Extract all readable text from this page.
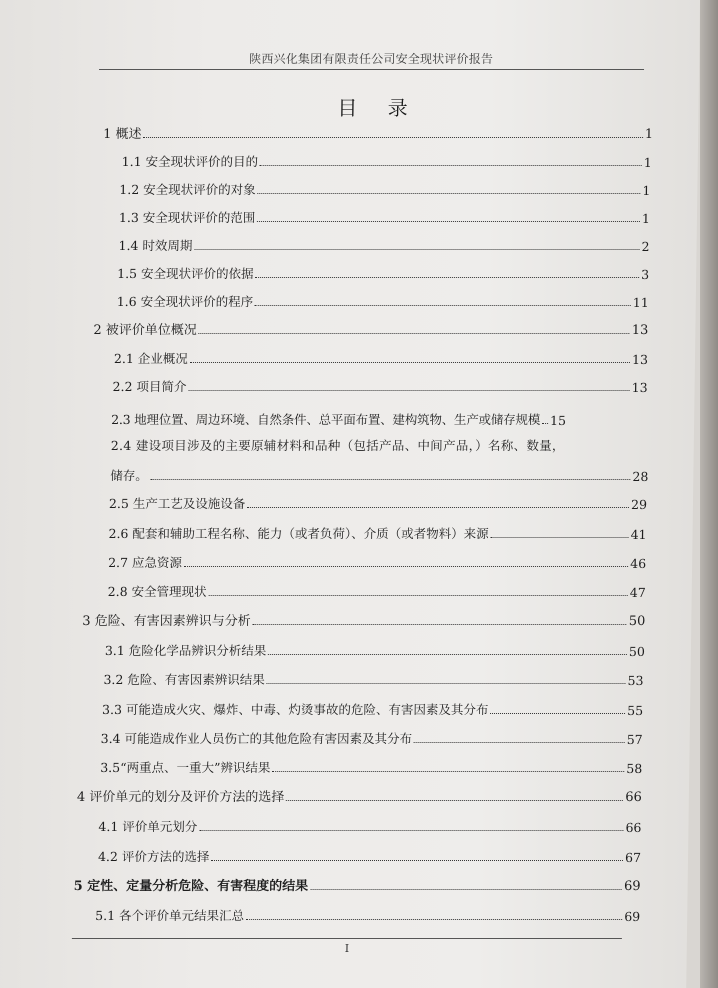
陕西兴化集团有限责任公司安全现状评价报告
目 录
1 概述	1
1.1 安全现状评价的目的	1
1.2 安全现状评价的对象	1
1.3 安全现状评价的范围	1
1.4 时效周期	2
1.5 安全现状评价的依据	3
1.6 安全现状评价的程序	11
2 被评价单位概况	13
2.1 企业概况	13
2.2 项目简介	13
2.3 地理位置、周边环境、自然条件、总平面布置、建构筑物、生产或储存规模 15
2.4 建设项目涉及的主要原辅材料和品种（包括产品、中间产品，）名称、数量，
储存。	28
2.5 生产工艺及设施设备	29
2.6 配套和辅助工程名称、能力（或者负荷）、介质（或者物料）来源	41
2.7 应急资源	46
2.8 安全管理现状	47
3 危险、有害因素辨识与分析	50
3.1 危险化学品辨识分析结果	50
3.2 危险、有害因素辨识结果	53
3.3 可能造成火灾、爆炸、中毒、灼烫事故的危险、有害因素及其分布	55
3.4 可能造成作业人员伤亡的其他危险有害因素及其分布	57
3.5“两重点、一重大”辨识结果	58
4 评价单元的划分及评价方法的选择	66
4.1 评价单元划分	66
4.2 评价方法的选择	67
5 定性、定量分析危险、有害程度的结果	69
5.1 各个评价单元结果汇总	69
I
